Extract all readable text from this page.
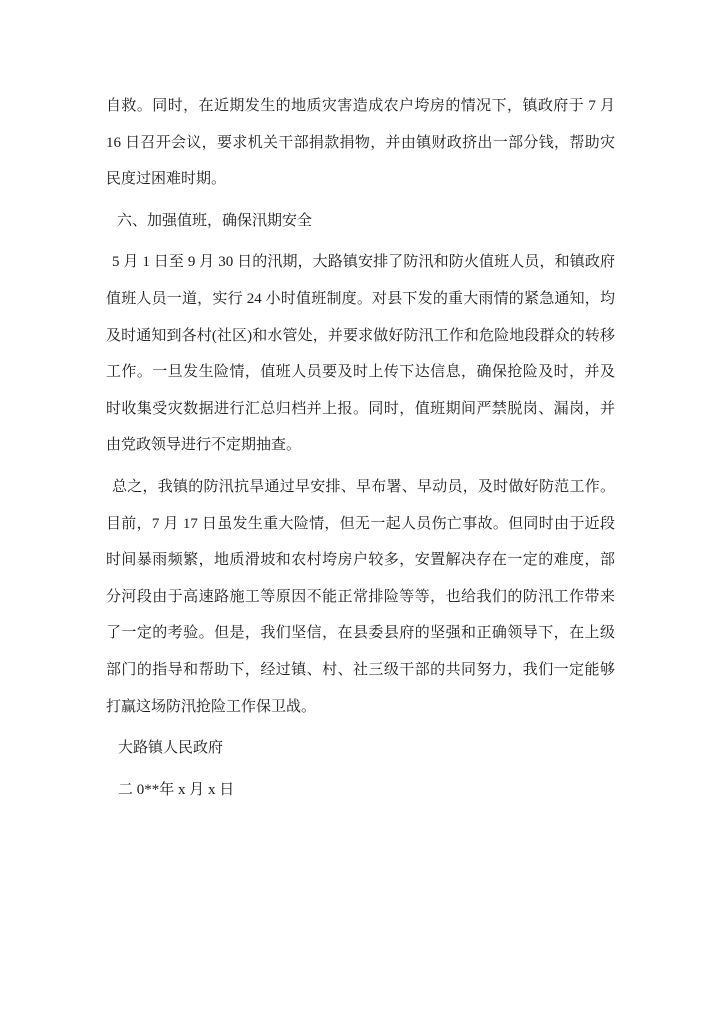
自救。同时，在近期发生的地质灾害造成农户垮房的情况下，镇政府于 7 月 16 日召开会议，要求机关干部捐款捐物，并由镇财政挤出一部分钱，帮助灾民度过困难时期。

六、加强值班，确保汛期安全

5 月 1 日至 9 月 30 日的汛期，大路镇安排了防汛和防火值班人员，和镇政府值班人员一道，实行 24 小时值班制度。对县下发的重大雨情的紧急通知，均及时通知到各村(社区)和水管处，并要求做好防汛工作和危险地段群众的转移工作。一旦发生险情，值班人员要及时上传下达信息，确保抢险及时，并及时收集受灾数据进行汇总归档并上报。同时，值班期间严禁脱岗、漏岗，并由党政领导进行不定期抽查。

总之，我镇的防汛抗旱通过早安排、早布署、早动员，及时做好防范工作。目前，7 月 17 日虽发生重大险情，但无一起人员伤亡事故。但同时由于近段时间暴雨频繁，地质滑坡和农村垮房户较多，安置解决存在一定的难度，部分河段由于高速路施工等原因不能正常排险等等，也给我们的防汛工作带来了一定的考验。但是，我们坚信，在县委县府的坚强和正确领导下，在上级部门的指导和帮助下，经过镇、村、社三级干部的共同努力，我们一定能够打赢这场防汛抢险工作保卫战。

大路镇人民政府

二 0**年 x 月 x 日
